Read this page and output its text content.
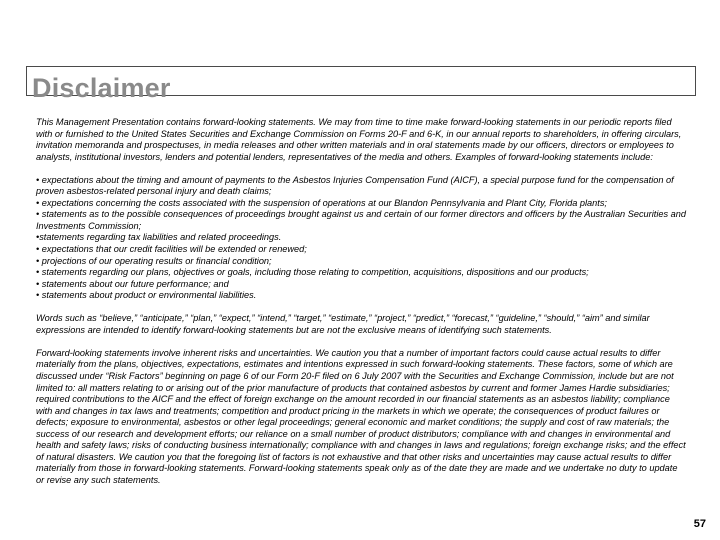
Disclaimer

This Management Presentation contains forward-looking statements. We may from time to time make forward-looking statements in our periodic reports filed with or furnished to the United States Securities and Exchange Commission on Forms 20-F and 6-K, in our annual reports to shareholders, in offering circulars, invitation memoranda and prospectuses, in media releases and other written materials and in oral statements made by our officers, directors or employees to analysts, institutional investors, lenders and potential lenders, representatives of the media and others. Examples of forward-looking statements include:

• expectations about the timing and amount of payments to the Asbestos Injuries Compensation Fund (AICF), a special purpose fund for the compensation of proven asbestos-related personal injury and death claims;
• expectations concerning the costs associated with the suspension of operations at our Blandon Pennsylvania and Plant City, Florida plants;
• statements as to the possible consequences of proceedings brought against us and certain of our former directors and officers by the Australian Securities and Investments Commission;
•statements regarding tax liabilities and related proceedings.
• expectations that our credit facilities will be extended or renewed;
• projections of our operating results or financial condition;
• statements regarding our plans, objectives or goals, including those relating to competition, acquisitions, dispositions and our products;
• statements about our future performance; and
• statements about product or environmental liabilities.

Words such as “believe,” “anticipate,” “plan,” “expect,” “intend,” “target,” “estimate,” “project,” “predict,” “forecast,” “guideline,” “should,” “aim” and similar expressions are intended to identify forward-looking statements but are not the exclusive means of identifying such statements.

Forward-looking statements involve inherent risks and uncertainties. We caution you that a number of important factors could cause actual results to differ materially from the plans, objectives, expectations, estimates and intentions expressed in such forward-looking statements. These factors, some of which are discussed under “Risk Factors” beginning on page 6 of our Form 20-F filed on 6 July 2007 with the Securities and Exchange Commission, include but are not limited to: all matters relating to or arising out of the prior manufacture of products that contained asbestos by current and former James Hardie subsidiaries; required contributions to the AICF and the effect of foreign exchange on the amount recorded in our financial statements as an asbestos liability; compliance with and changes in tax laws and treatments; competition and product pricing in the markets in which we operate; the consequences of product failures or defects; exposure to environmental, asbestos or other legal proceedings; general economic and market conditions; the supply and cost of raw materials; the success of our research and development efforts; our reliance on a small number of product distributors; compliance with and changes in environmental and health and safety laws; risks of conducting business internationally; compliance with and changes in laws and regulations; foreign exchange risks; and the effect of natural disasters. We caution you that the foregoing list of factors is not exhaustive and that other risks and uncertainties may cause actual results to differ materially from those in forward-looking statements. Forward-looking statements speak only as of the date they are made and we undertake no duty to update or revise any such statements.

57
